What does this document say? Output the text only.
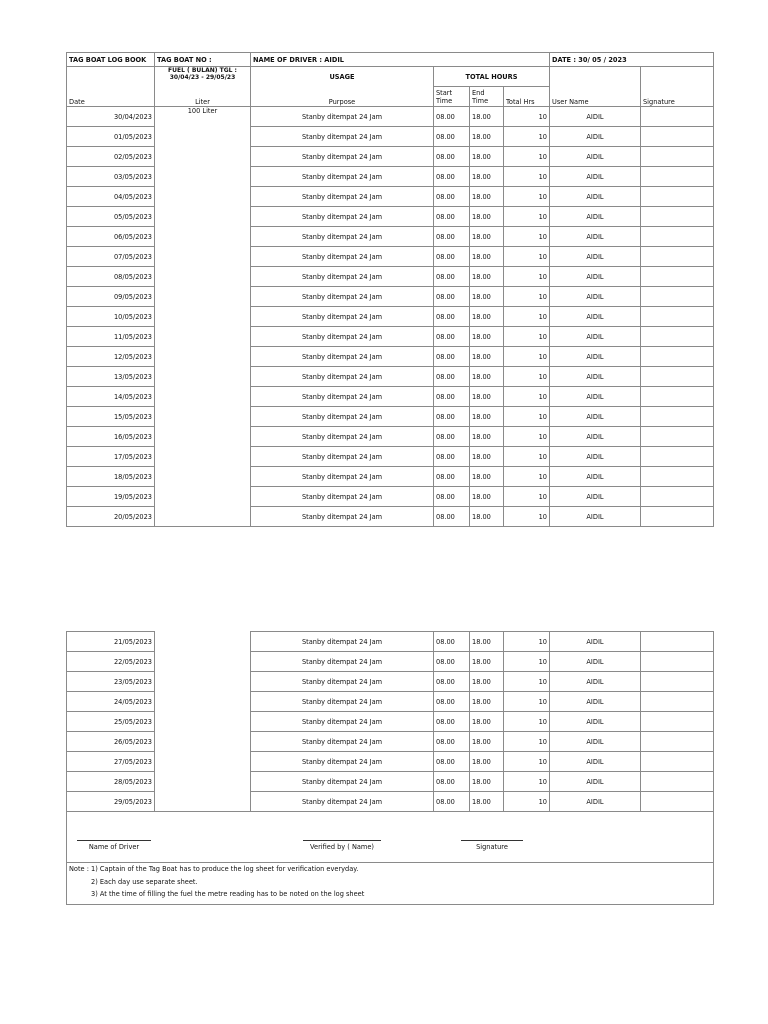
TAG BOAT LOG BOOK	TAG BOAT NO :	NAME OF DRIVER : AIDIL				DATE : 30/ 05 / 2023	
	FUEL ( BULAN) TGL : 30/04/23 - 29/05/23	USAGE	TOTAL HOURS				
Date	Liter	Purpose	Start Time	End Time	Total Hrs	User Name	Signature
30/04/2023	100 Liter	Stanby ditempat 24 Jam	08.00	18.00	10	AIDIL	
01/05/2023		Stanby ditempat 24 Jam	08.00	18.00	10	AIDIL	
02/05/2023		Stanby ditempat 24 Jam	08.00	18.00	10	AIDIL	
03/05/2023		Stanby ditempat 24 Jam	08.00	18.00	10	AIDIL	
04/05/2023		Stanby ditempat 24 Jam	08.00	18.00	10	AIDIL	
05/05/2023		Stanby ditempat 24 Jam	08.00	18.00	10	AIDIL	
06/05/2023		Stanby ditempat 24 Jam	08.00	18.00	10	AIDIL	
07/05/2023		Stanby ditempat 24 Jam	08.00	18.00	10	AIDIL	
08/05/2023		Stanby ditempat 24 Jam	08.00	18.00	10	AIDIL	
09/05/2023		Stanby ditempat 24 Jam	08.00	18.00	10	AIDIL	
10/05/2023		Stanby ditempat 24 Jam	08.00	18.00	10	AIDIL	
11/05/2023		Stanby ditempat 24 Jam	08.00	18.00	10	AIDIL	
12/05/2023		Stanby ditempat 24 Jam	08.00	18.00	10	AIDIL	
13/05/2023		Stanby ditempat 24 Jam	08.00	18.00	10	AIDIL	
14/05/2023		Stanby ditempat 24 Jam	08.00	18.00	10	AIDIL	
15/05/2023		Stanby ditempat 24 Jam	08.00	18.00	10	AIDIL	
16/05/2023		Stanby ditempat 24 Jam	08.00	18.00	10	AIDIL	
17/05/2023		Stanby ditempat 24 Jam	08.00	18.00	10	AIDIL	
18/05/2023		Stanby ditempat 24 Jam	08.00	18.00	10	AIDIL	
19/05/2023		Stanby ditempat 24 Jam	08.00	18.00	10	AIDIL	
20/05/2023		Stanby ditempat 24 Jam	08.00	18.00	10	AIDIL	
21/05/2023		Stanby ditempat 24 Jam	08.00	18.00	10	AIDIL	
22/05/2023		Stanby ditempat 24 Jam	08.00	18.00	10	AIDIL	
23/05/2023		Stanby ditempat 24 Jam	08.00	18.00	10	AIDIL	
24/05/2023		Stanby ditempat 24 Jam	08.00	18.00	10	AIDIL	
25/05/2023		Stanby ditempat 24 Jam	08.00	18.00	10	AIDIL	
26/05/2023		Stanby ditempat 24 Jam	08.00	18.00	10	AIDIL	
27/05/2023		Stanby ditempat 24 Jam	08.00	18.00	10	AIDIL	
28/05/2023		Stanby ditempat 24 Jam	08.00	18.00	10	AIDIL	
29/05/2023		Stanby ditempat 24 Jam	08.00	18.00	10	AIDIL	

Name of Driver Verified by ( Name) Signature							

Note : 1) Captain of the Tag Boat has to produce the log sheet for verification everyday.
2) Each day use separate sheet.
3) At the time of filling the fuel the metre reading has to be noted on the log sheet							
